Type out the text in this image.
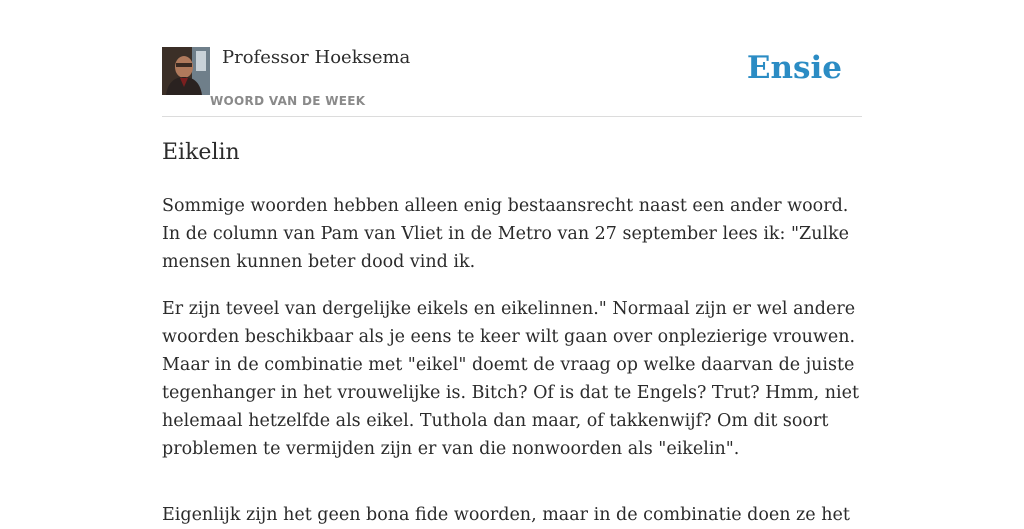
Professor Hoeksema
WOORD VAN DE WEEK
Ensie
Eikelin

Sommige woorden hebben alleen enig bestaansrecht naast een ander woord. In de column van Pam van Vliet in de Metro van 27 september lees ik: "Zulke mensen kunnen beter dood vind ik.

Er zijn teveel van dergelijke eikels en eikelinnen." Normaal zijn er wel andere woorden beschikbaar als je eens te keer wilt gaan over onplezierige vrouwen. Maar in de combinatie met "eikel" doemt de vraag op welke daarvan de juiste tegenhanger in het vrouwelijke is. Bitch? Of is dat te Engels? Trut? Hmm, niet helemaal hetzelfde als eikel. Tuthola dan maar, of takkenwijf? Om dit soort problemen te vermijden zijn er van die nonwoorden als "eikelin".

Eigenlijk zijn het geen bona fide woorden, maar in de combinatie doen ze het
